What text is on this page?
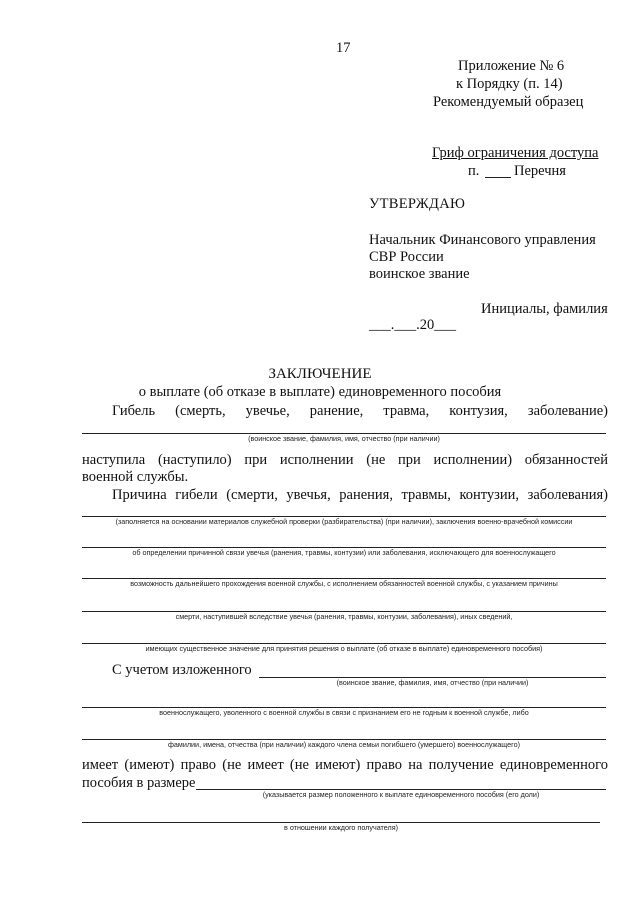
17
Приложение № 6
к Порядку (п. 14)
Рекомендуемый образец
Гриф ограничения доступа
п. Перечня
УТВЕРЖДАЮ
Начальник Финансового управления
СВР России
воинское звание
Инициалы, фамилия
___.___.20___
ЗАКЛЮЧЕНИЕ
о выплате (об отказе в выплате) единовременного пособия
Гибель (смерть, увечье, ранение, травма, контузия, заболевание)
(воинское звание, фамилия, имя, отчество (при наличии)
наступила (наступило) при исполнении (не при исполнении) обязанностей
военной службы.
Причина гибели (смерти, увечья, ранения, травмы, контузии, заболевания)
(заполняется на основании материалов служебной проверки (разбирательства) (при наличии), заключения военно-врачебной комиссии
об определении причинной связи увечья (ранения, травмы, контузии) или заболевания, исключающего для военнослужащего
возможность дальнейшего прохождения военной службы, с исполнением обязанностей военной службы, с указанием причины
смерти, наступившей вследствие увечья (ранения, травмы, контузии, заболевания), иных сведений,
имеющих существенное значение для принятия решения о выплате (об отказе в выплате) единовременного пособия)
С учетом изложенного
(воинское звание, фамилия, имя, отчество (при наличии)
военнослужащего, уволенного с военной службы в связи с признанием его не годным к военной службе, либо
фамилии, имена, отчества (при наличии) каждого члена семьи погибшего (умершего) военнослужащего)
имеет (имеют) право (не имеет (не имеют) право на получение единовременного
пособия в размере
(указывается размер положенного к выплате единовременного пособия (его доли)
в отношении каждого получателя)
